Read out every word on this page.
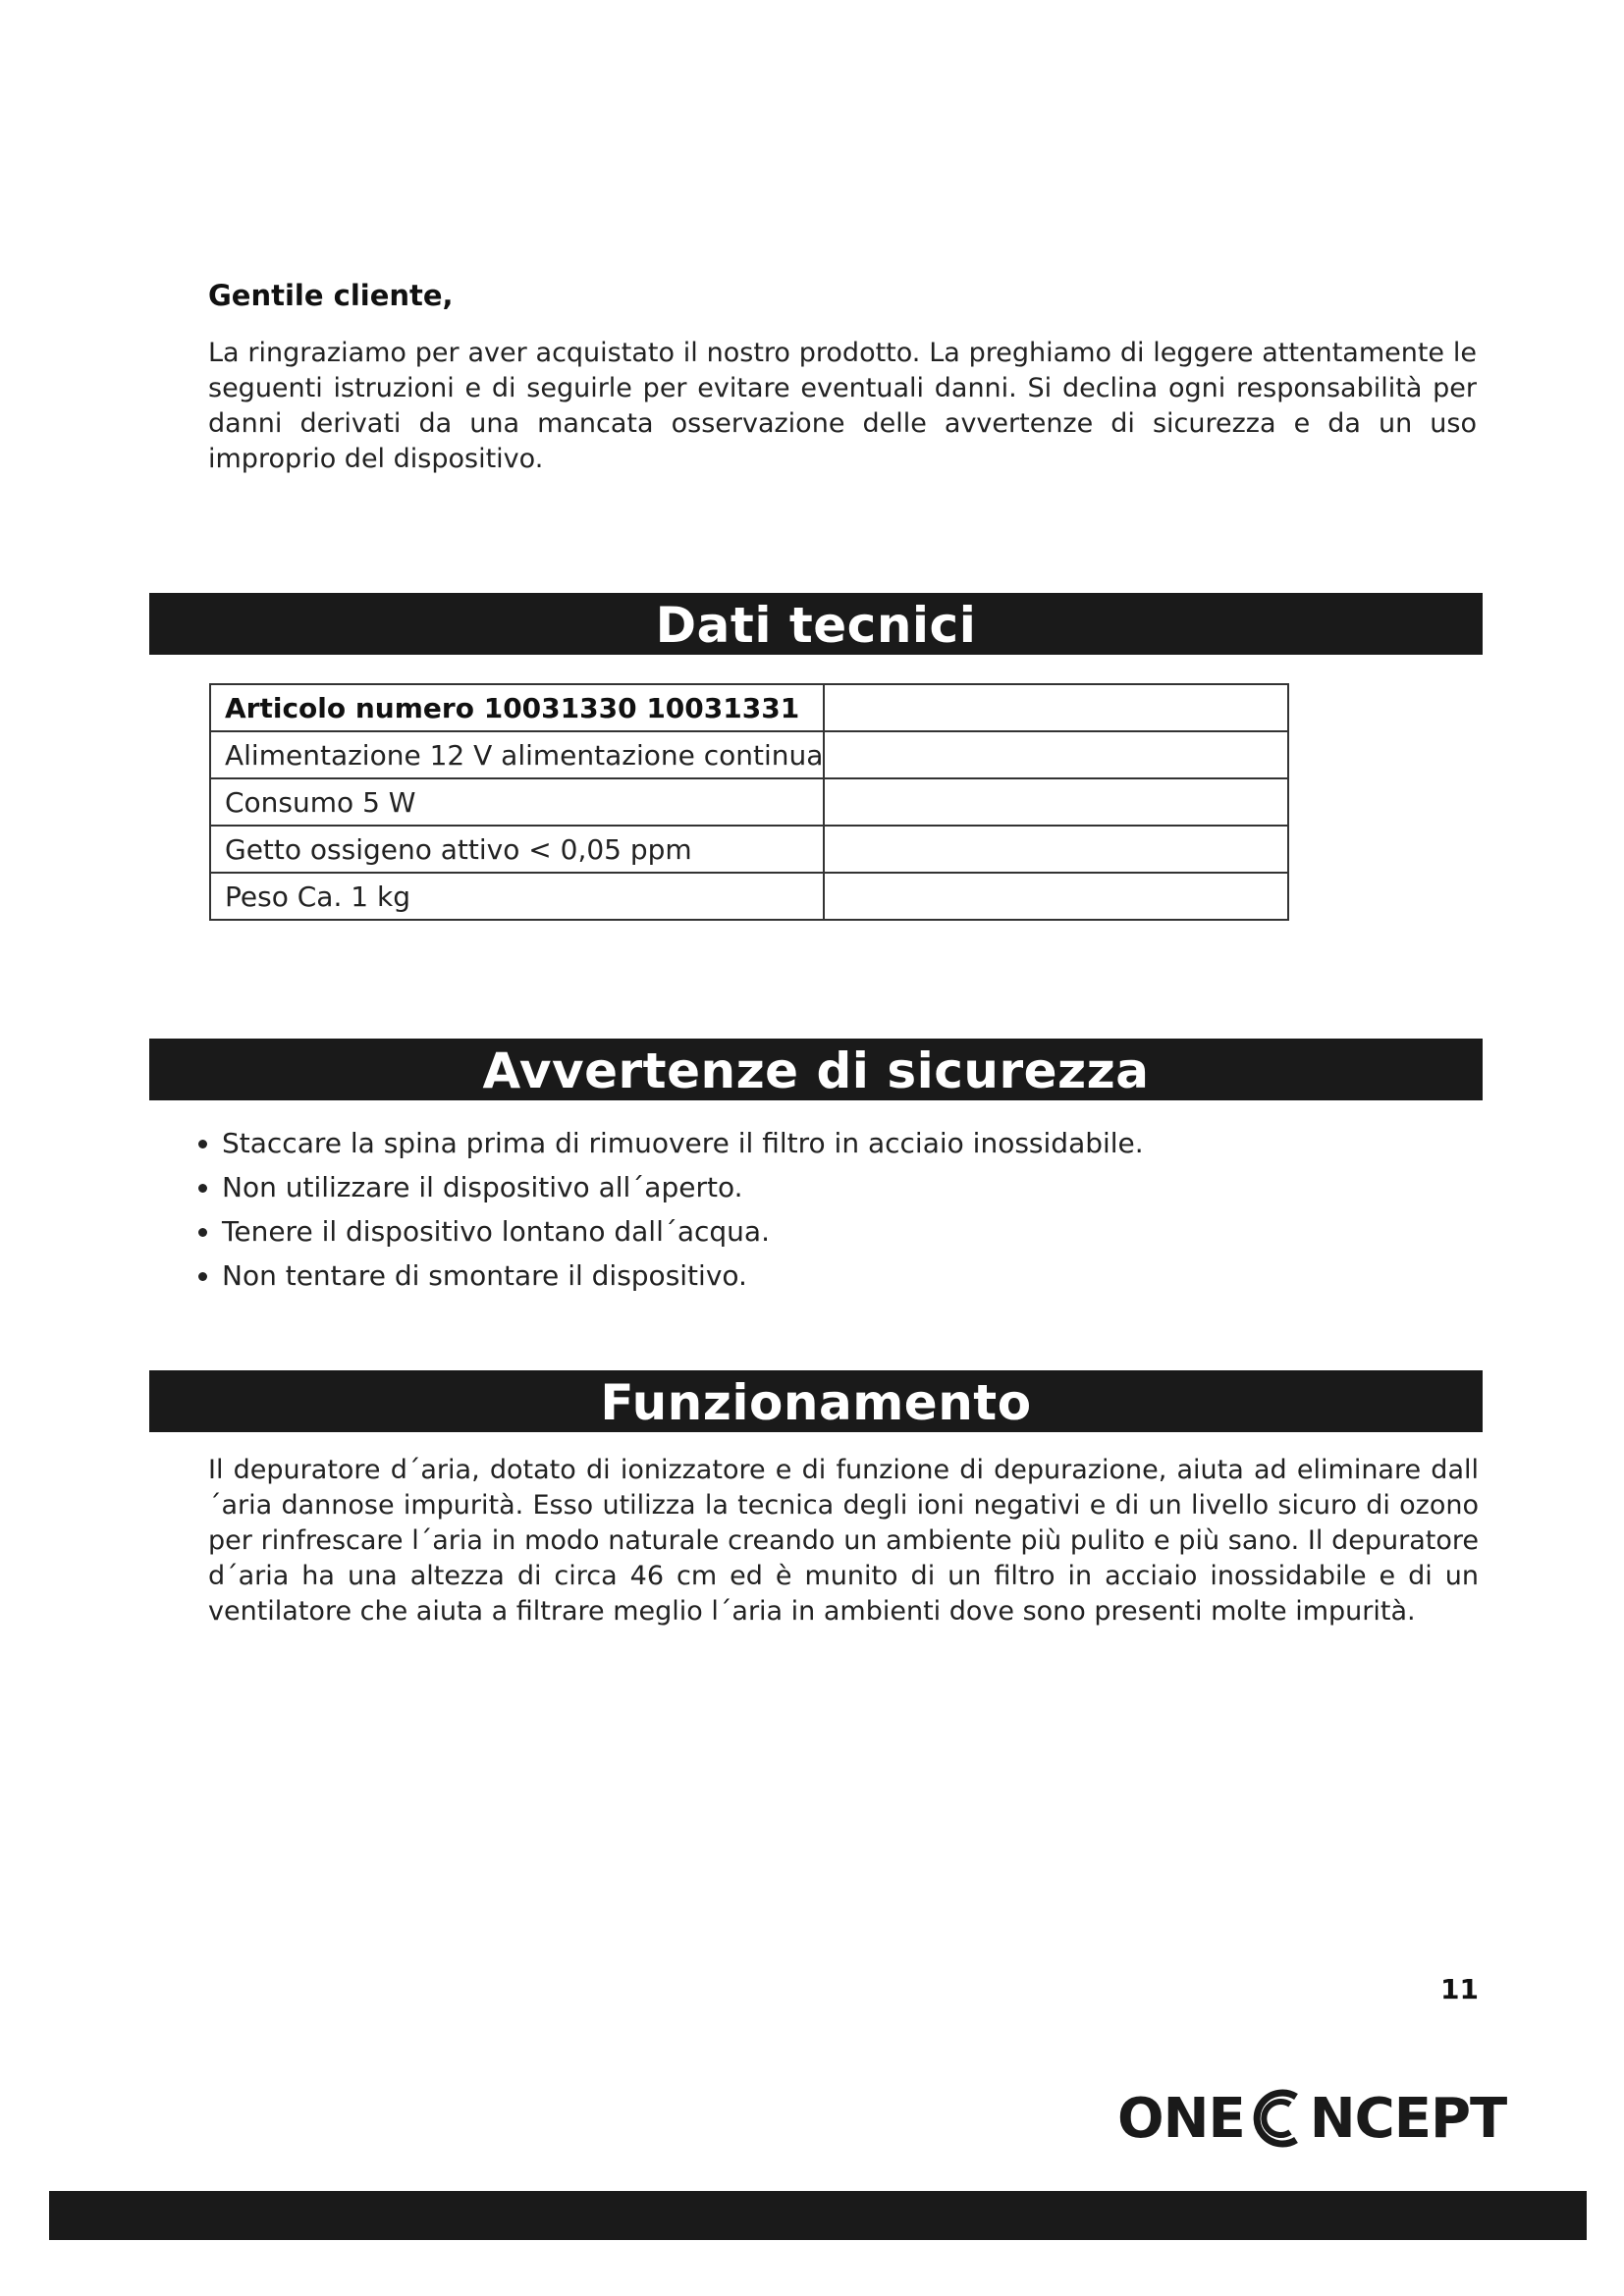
Gentile cliente,

La ringraziamo per aver acquistato il nostro prodotto. La preghiamo di leggere attentamente le seguenti istruzioni e di seguirle per evitare eventuali danni. Si declina ogni responsabilità per danni derivati da una mancata osservazione delle avvertenze di sicurezza e da un uso improprio del dispositivo.

Dati tecnici
Articolo numero 10031330 10031331	
Alimentazione 12 V alimentazione continua	
Consumo 5 W	
Getto ossigeno attivo < 0,05 ppm	
Peso Ca. 1 kg	
Avvertenze di sicurezza
• Staccare la spina prima di rimuovere il filtro in acciaio inossidabile.
• Non utilizzare il dispositivo all´aperto.
• Tenere il dispositivo lontano dall´acqua.
• Non tentare di smontare il dispositivo.
Funzionamento

Il depuratore d´aria, dotato di ionizzatore e di funzione di depurazione, aiuta ad eliminare dall´aria dannose impurità. Esso utilizza la tecnica degli ioni negativi e di un livello sicuro di ozono per rinfrescare l´aria in modo naturale creando un ambiente più pulito e più sano. Il depuratore d´aria ha una altezza di circa 46 cm ed è munito di un filtro in acciaio inossidabile e di un ventilatore che aiuta a filtrare meglio l´aria in ambienti dove sono presenti molte impurità.

11
ONE NCEPT
